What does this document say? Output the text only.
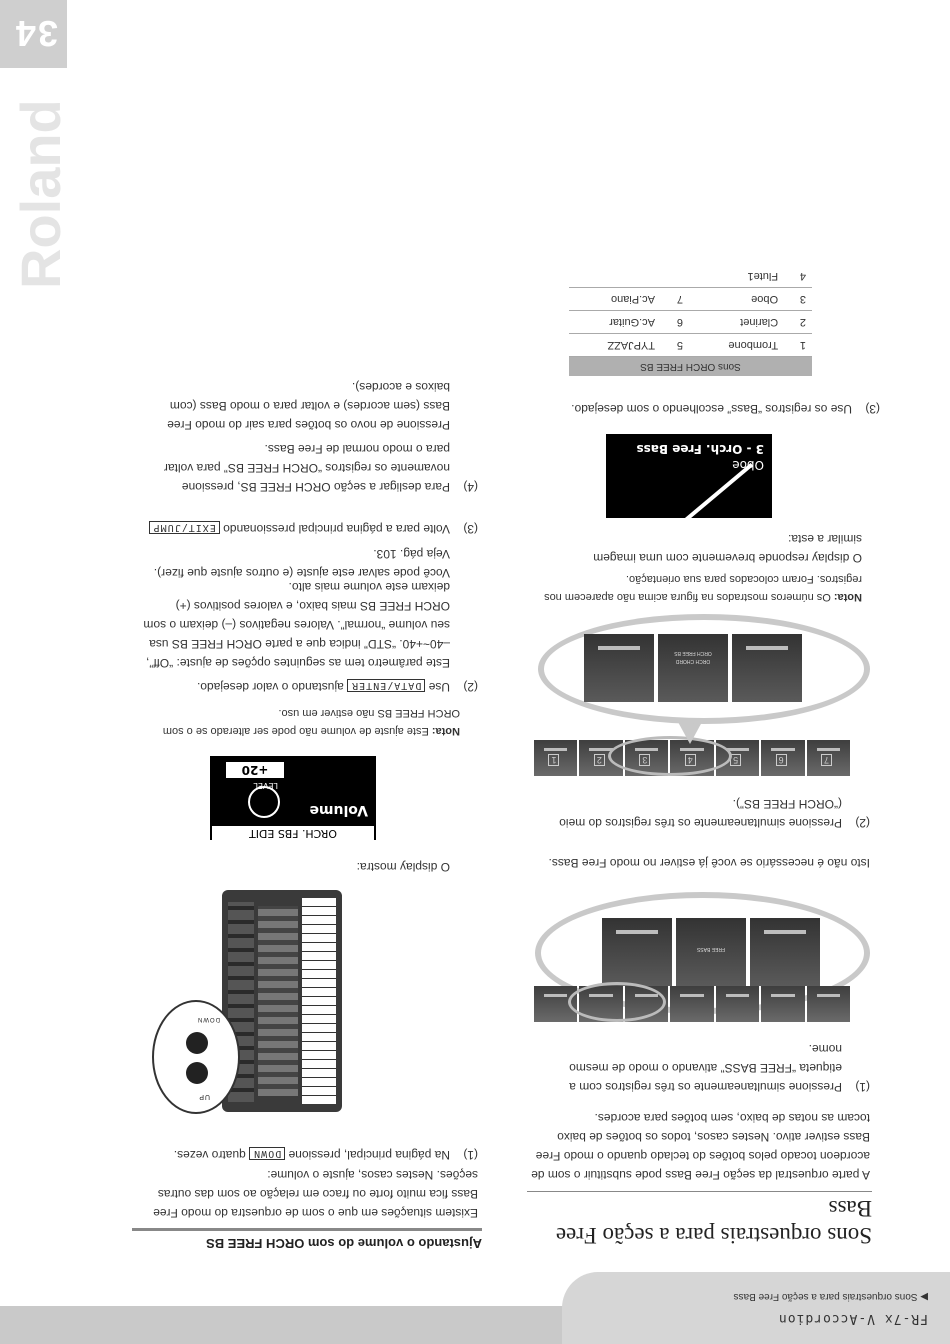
FR-7x V-Accordion
▶ Sons orquestrais para a seção Free Bass
34
Roland
Sons orquestrais para a seção Free Bass
A parte orquestral da seção Free Bass pode substituir o som de acordeon tocado pelos botões do teclado quando o modo Free Bass estiver ativo. Nestes casos, todos os botões de baixo tocam as notas de baixo, sem botões para acordes.
(1)
Pressione simultaneamente os três registros com a etiqueta “FREE BASS” ativando o modo de mesmo nome.
FREE BASS
Isto não é necessário se você já estiver no modo Free Bass.
(2)
Pressione simultaneamente os três registros do meio (“ORCH FREE BS”).
7
6
5
4
3
2
1
ORCH FREE BS
ORCH CHORD
Nota: Os números mostrados na figura acima não aparecem nos registros. Foram colocados para sua orientação.
O display responde brevemente com uma imagem similar a esta:
Oboe
3 - Orch. Free Bass
(3)
Use os registros “Bass” escolhendo o som desejado.
Sons ORCH FREE BS			
1	Trombone	5	TYPJAZZ
2	Clarinet	6	Ac.Guitar
3	Oboe	7	Ac.Piano
4	Flute1		
Ajustando o volume do som ORCH FREE BS
Existem situações em que o som de orquestra do modo Free Bass fica muito forte ou fraco em relação ao som das outras seções. Nestes casos, ajuste o volume:
(1)
Na página principal, pressione DOWN quatro vezes.
UP
DOWN
O display mostra:
ORCH. FBS EDIT
Volume
LEVEL
+20
Nota: Este ajuste de volume não pode ser alterado se o som ORCH FREE BS não estiver em uso.
(2)
Use DATA/ENTER ajustando o valor desejado.
Este parâmetro tem as seguintes opções de ajuste: “Off”, –40~+40. “STD” indica que a parte ORCH FREE BS usa seu volume “normal”. Valores negativos (–) deixam o som ORCH FREE BS mais baixo, e valores positivos (+) deixam este volume mais alto.
Você pode salvar este ajuste (e outros ajuste que fizer). Veja pág. 103.
(3)
Volte para a página principal pressionando EXIT/JUMP
(4)
Para desligar a seção ORCH FREE BS, pressione novamente os registros “ORCH FREE BS” para voltar para o modo normal de Free Bass.
Pressione de novo os botões para sair do modo Free Bass (sem acordes) e voltar para o modo Bass (com baixos e acordes).
